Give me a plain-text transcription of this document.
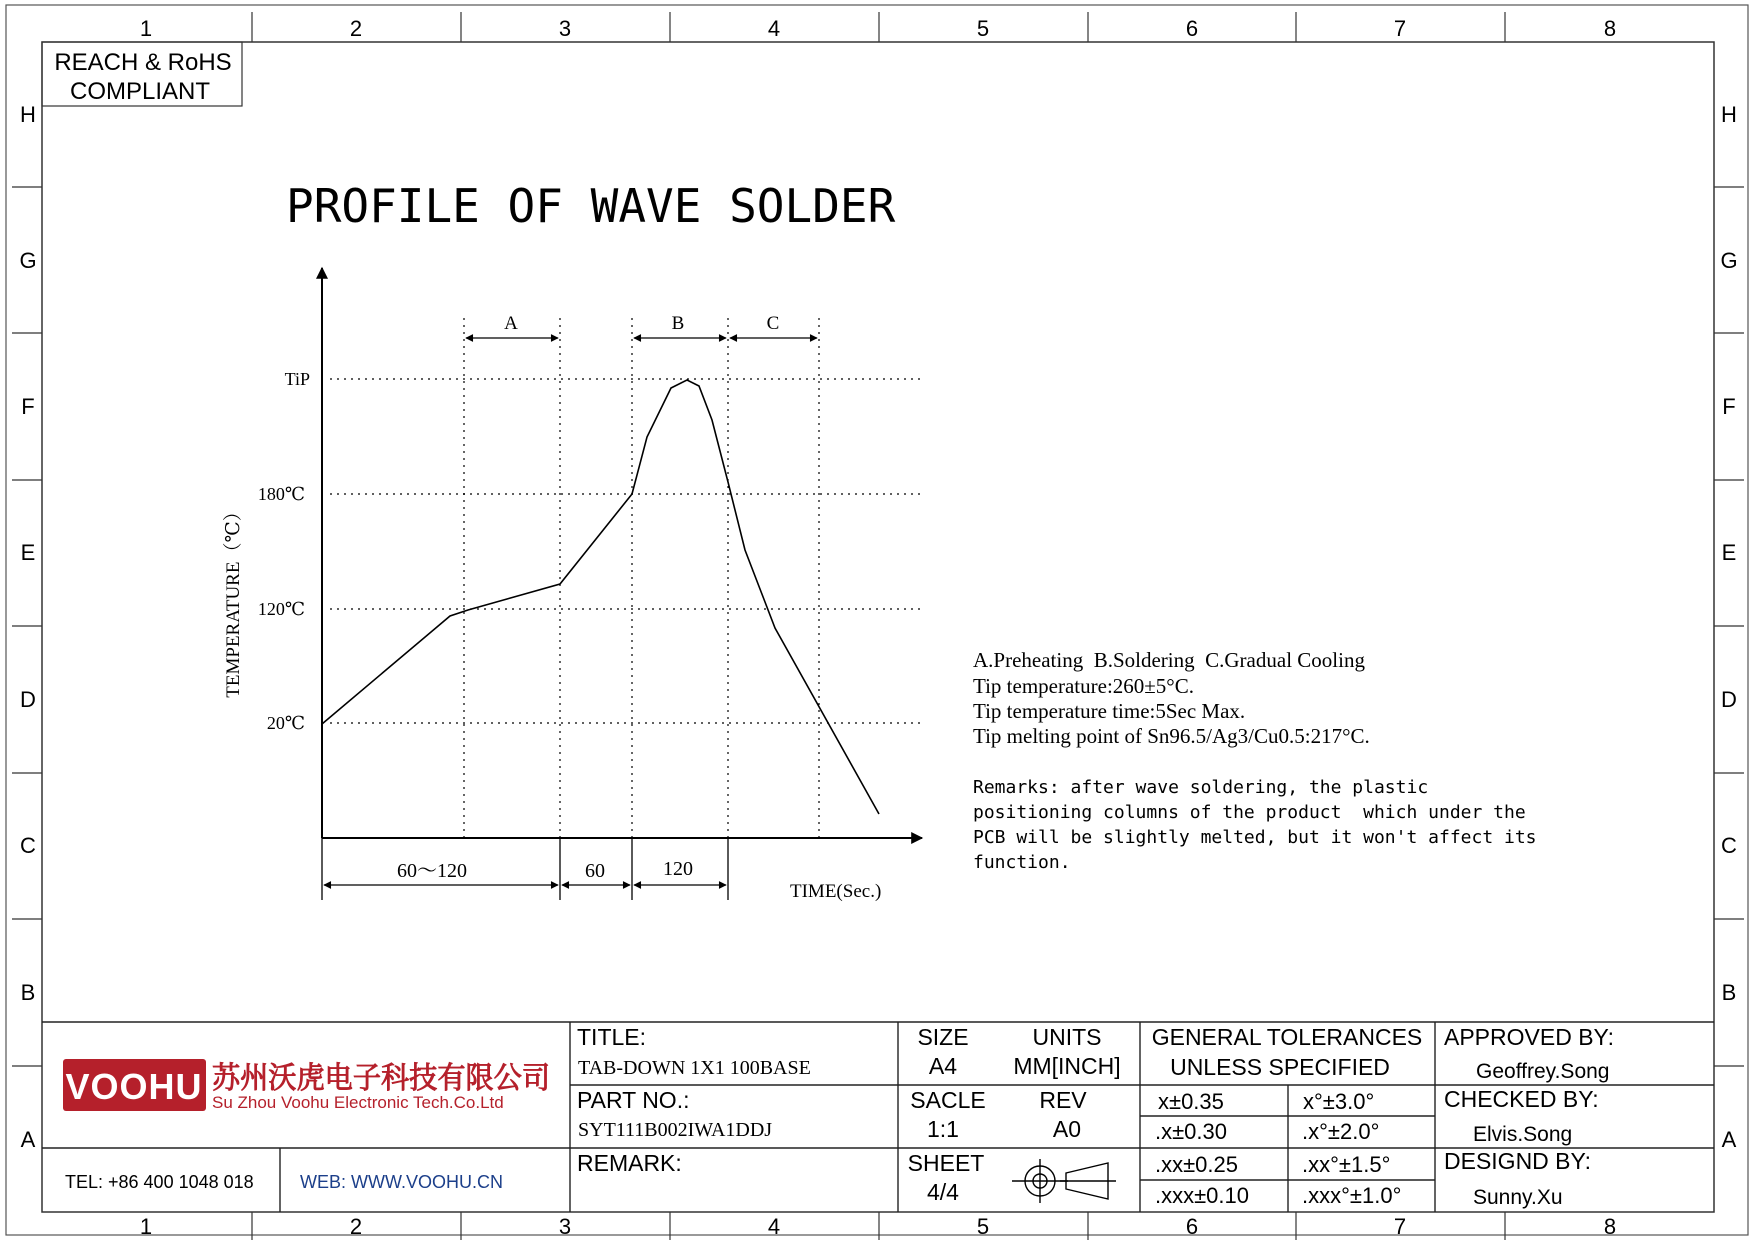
1	2	3	4	5	6	7	8
1	2	3	4	5	6	7	8
H
G
F
E
D
C
B
A
H
G
F
E
D
C
B
A
REACH & RoHS
COMPLIANT
PROFILE OF WAVE SOLDER
TiP
180℃
120℃
20℃
TEMPERATURE（℃）
A	B	C
60～120	60	120
TIME(Sec.)
A.Preheating  B.Soldering  C.Gradual Cooling
Tip temperature:260±5°C.
Tip temperature time:5Sec Max.
Tip melting point of Sn96.5/Ag3/Cu0.5:217°C.
Remarks: after wave soldering, the plastic
positioning columns of the product  which under the
PCB will be slightly melted, but it won't affect its
function.
VOOHU 苏州沃虎电子科技有限公司
Su Zhou Voohu Electronic Tech.Co.Ltd
TEL: +86 400 1048 018	WEB: WWW.VOOHU.CN
TITLE:
TAB-DOWN 1X1 100BASE
PART NO.:
SYT111B002IWA1DDJ
REMARK:
SIZE
A4
UNITS
MM[INCH]
SACLE
1:1
REV
A0
SHEET
4/4
GENERAL TOLERANCES
UNLESS SPECIFIED
x±0.35	x°±3.0°
.x±0.30	.x°±2.0°
.xx±0.25	.xx°±1.5°
.xxx±0.10 .xxx°±1.0°
APPROVED BY:
Geoffrey.Song
CHECKED BY:
Elvis.Song
DESIGND BY:
Sunny.Xu
